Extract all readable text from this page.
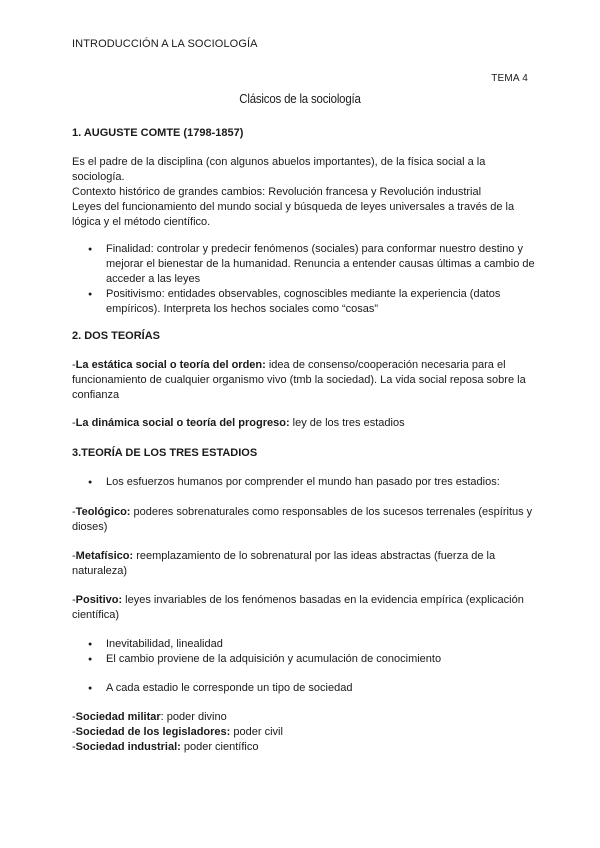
INTRODUCCIÓN A LA SOCIOLOGÍA
TEMA 4
Clásicos de la sociología
1. AUGUSTE COMTE (1798-1857)

Es el padre de la disciplina (con algunos abuelos importantes), de la física social a la sociología.

Contexto histórico de grandes cambios: Revolución francesa y Revolución industrial

Leyes del funcionamiento del mundo social y búsqueda de leyes universales a través de la lógica y el método científico.

● Finalidad: controlar y predecir fenómenos (sociales) para conformar nuestro destino y mejorar el bienestar de la humanidad. Renuncia a entender causas últimas a cambio de acceder a las leyes
● Positivismo: entidades observables, cognoscibles mediante la experiencia (datos empíricos). Interpreta los hechos sociales como “cosas”
2. DOS TEORÍAS
-La estática social o teoría del orden: idea de consenso/cooperación necesaria para el funcionamiento de cualquier organismo vivo (tmb la sociedad). La vida social reposa sobre la confianza
-La dinámica social o teoría del progreso: ley de los tres estadios
3.TEORÍA DE LOS TRES ESTADIOS
● Los esfuerzos humanos por comprender el mundo han pasado por tres estadios:
-Teológico: poderes sobrenaturales como responsables de los sucesos terrenales (espíritus y dioses)
-Metafísico: reemplazamiento de lo sobrenatural por las ideas abstractas (fuerza de la naturaleza)
-Positivo: leyes invariables de los fenómenos basadas en la evidencia empírica (explicación científica)
● Inevitabilidad, linealidad
● El cambio proviene de la adquisición y acumulación de conocimiento
● A cada estadio le corresponde un tipo de sociedad

-Sociedad militar: poder divino

-Sociedad de los legisladores: poder civil

-Sociedad industrial: poder científico
